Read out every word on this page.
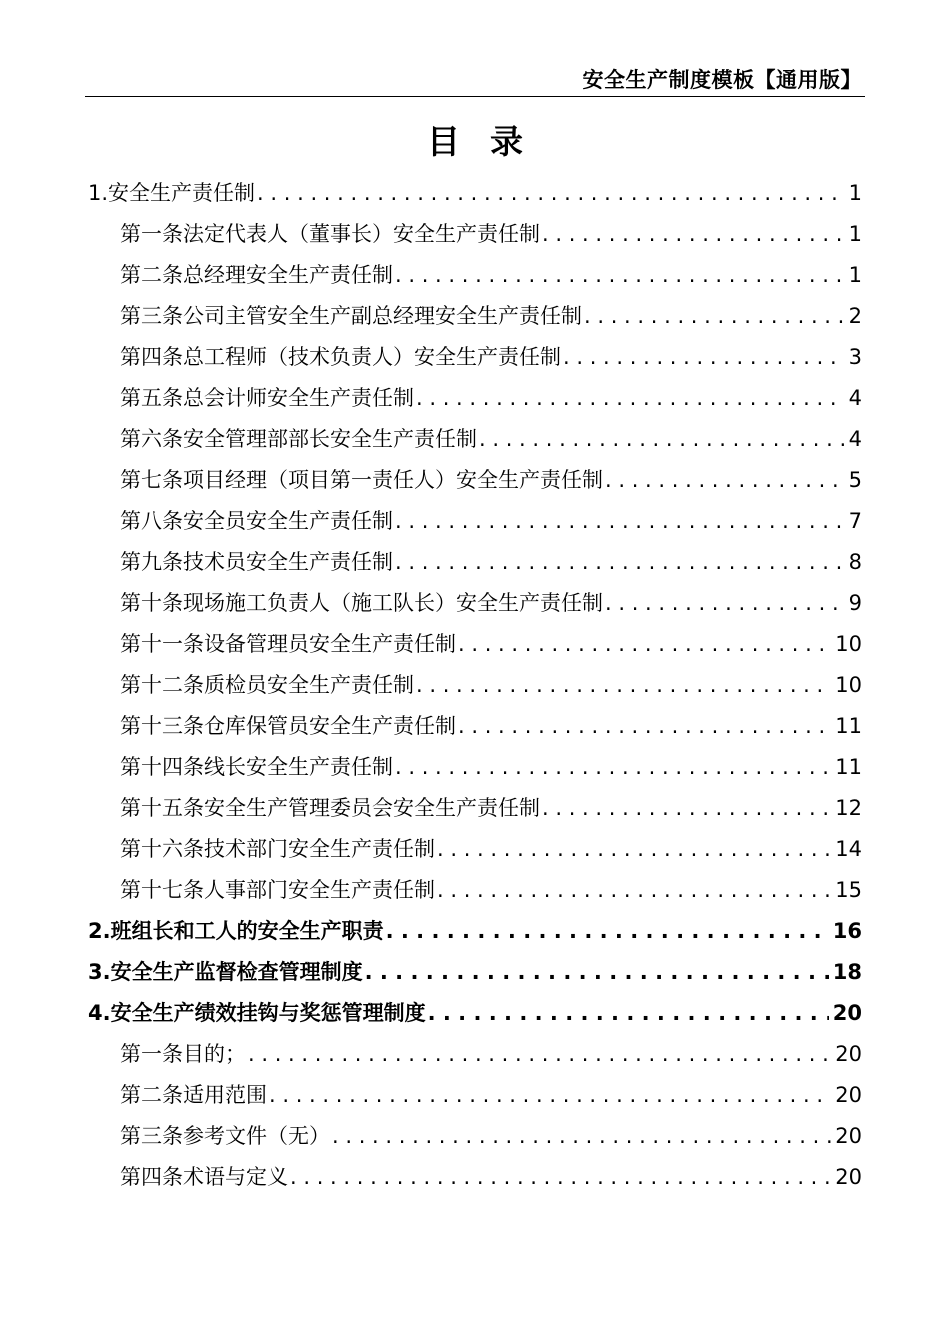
安全生产制度模板【通用版】
目录
1.安全生产责任制 . . .	1
第一条法定代表人（董事长）安全生产责任制 . . .	1
第二条总经理安全生产责任制 . . .	1
第三条公司主管安全生产副总经理安全生产责任制 . . .	2
第四条总工程师（技术负责人）安全生产责任制 . . .	3
第五条总会计师安全生产责任制 . . .	4
第六条安全管理部部长安全生产责任制 . . .	4
第七条项目经理（项目第一责任人）安全生产责任制 . . .	5
第八条安全员安全生产责任制 . . .	7
第九条技术员安全生产责任制 . . .	8
第十条现场施工负责人（施工队长）安全生产责任制 . . .	9
第十一条设备管理员安全生产责任制 . . .	10
第十二条质检员安全生产责任制 . . .	10
第十三条仓库保管员安全生产责任制 . . .	11
第十四条线长安全生产责任制 . . .	11
第十五条安全生产管理委员会安全生产责任制 . . .	12
第十六条技术部门安全生产责任制 . . .	14
第十七条人事部门安全生产责任制 . . .	15
2.班组长和工人的安全生产职责 . . .	16
3.安全生产监督检查管理制度 . . .	18
4.安全生产绩效挂钩与奖惩管理制度 . . .	20
第一条目的； . . .	20
第二条适用范围 . . .	20
第三条参考文件（无） . . .	20
第四条术语与定义 . . .	20
